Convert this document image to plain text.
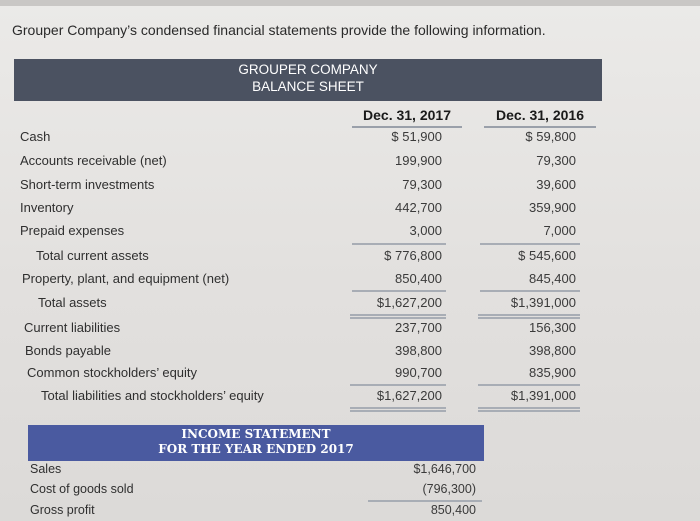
Grouper Company’s condensed financial statements provide the following information.
GROUPER COMPANY
BALANCE SHEET
Dec. 31, 2017	Dec. 31, 2016
Cash	$ 51,900	$ 59,800
Accounts receivable (net)	199,900	79,300
Short-term investments	79,300	39,600
Inventory	442,700	359,900
Prepaid expenses	3,000	7,000
Total current assets	$ 776,800	$ 545,600
Property, plant, and equipment (net)	850,400	845,400
Total assets	$1,627,200	$1,391,000
Current liabilities	237,700	156,300
Bonds payable	398,800	398,800
Common stockholders’ equity	990,700	835,900
Total liabilities and stockholders’ equity	$1,627,200	$1,391,000
INCOME STATEMENT
FOR THE YEAR ENDED 2017
Sales	$1,646,700
Cost of goods sold	(796,300)
Gross profit	850,400
